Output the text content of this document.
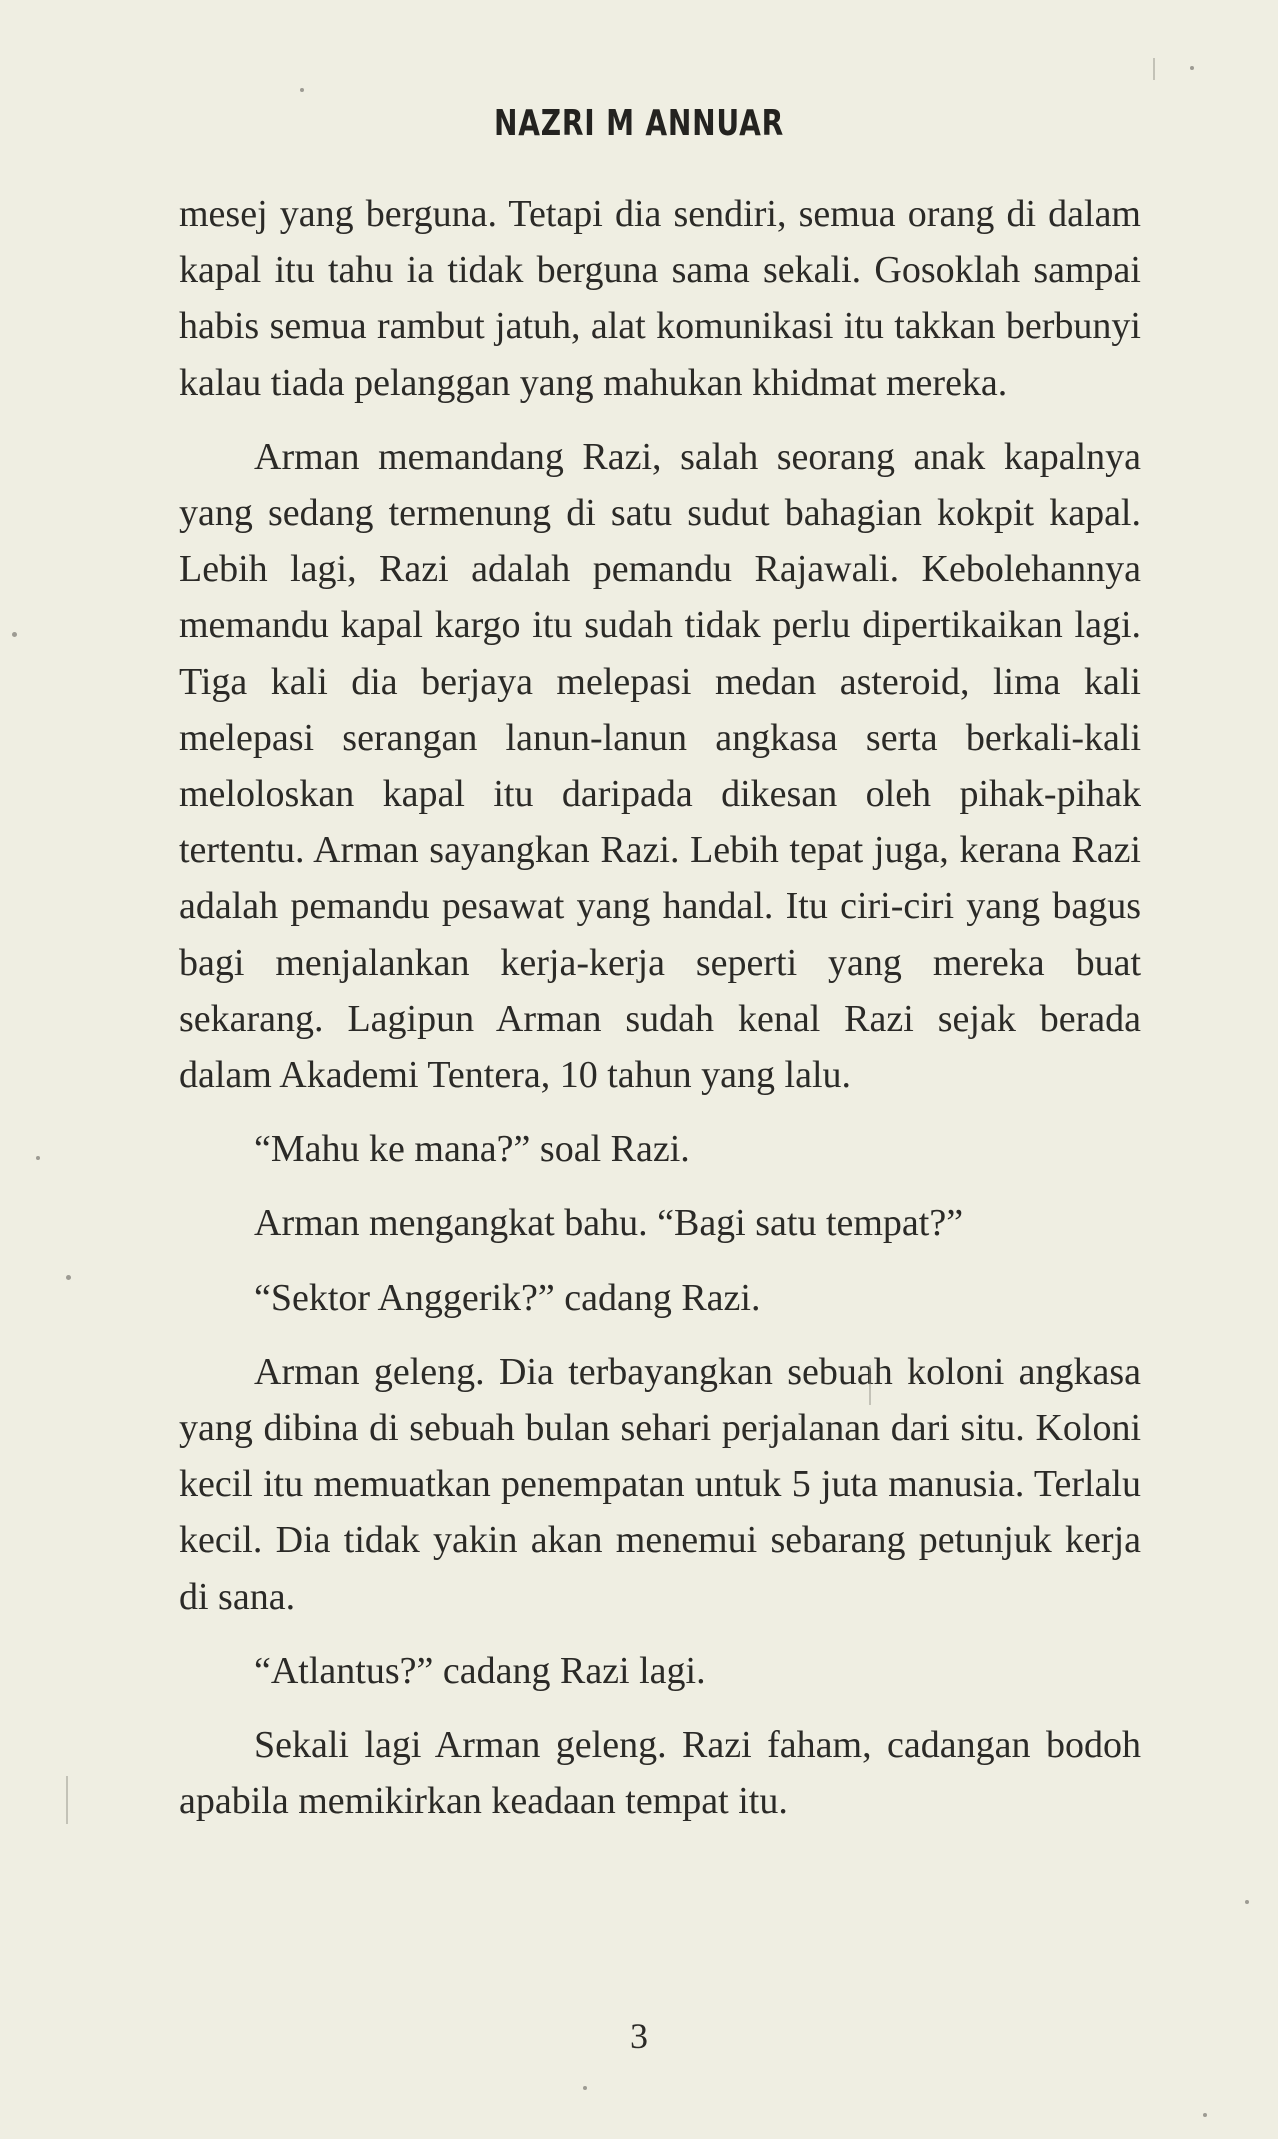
NAZRI M ANNUAR

mesej yang berguna. Tetapi dia sendiri, semua orang di dalam kapal itu tahu ia tidak berguna sama sekali. Gosoklah sampai habis semua rambut jatuh, alat komunikasi itu takkan berbunyi kalau tiada pelanggan yang mahukan khidmat mereka.

Arman memandang Razi, salah seorang anak kapalnya yang sedang termenung di satu sudut bahagian kokpit kapal. Lebih lagi, Razi adalah pemandu Rajawali. Kebolehannya memandu kapal kargo itu sudah tidak perlu dipertikaikan lagi. Tiga kali dia berjaya melepasi medan asteroid, lima kali melepasi serangan lanun-lanun angkasa serta berkali-kali meloloskan kapal itu daripada dikesan oleh pihak-pihak tertentu. Arman sayangkan Razi. Lebih tepat juga, kerana Razi adalah pemandu pesawat yang handal. Itu ciri-ciri yang bagus bagi menjalankan kerja-kerja seperti yang mereka buat sekarang. Lagipun Arman sudah kenal Razi sejak berada dalam Akademi Tentera, 10 tahun yang lalu.

“Mahu ke mana?” soal Razi.

Arman mengangkat bahu. “Bagi satu tempat?”

“Sektor Anggerik?” cadang Razi.

Arman geleng. Dia terbayangkan sebuah koloni angkasa yang dibina di sebuah bulan sehari perjalanan dari situ. Koloni kecil itu memuatkan penempatan untuk 5 juta manusia. Terlalu kecil. Dia tidak yakin akan menemui sebarang petunjuk kerja di sana.

“Atlantus?” cadang Razi lagi.

Sekali lagi Arman geleng. Razi faham, cadangan bodoh apabila memikirkan keadaan tempat itu.

3
